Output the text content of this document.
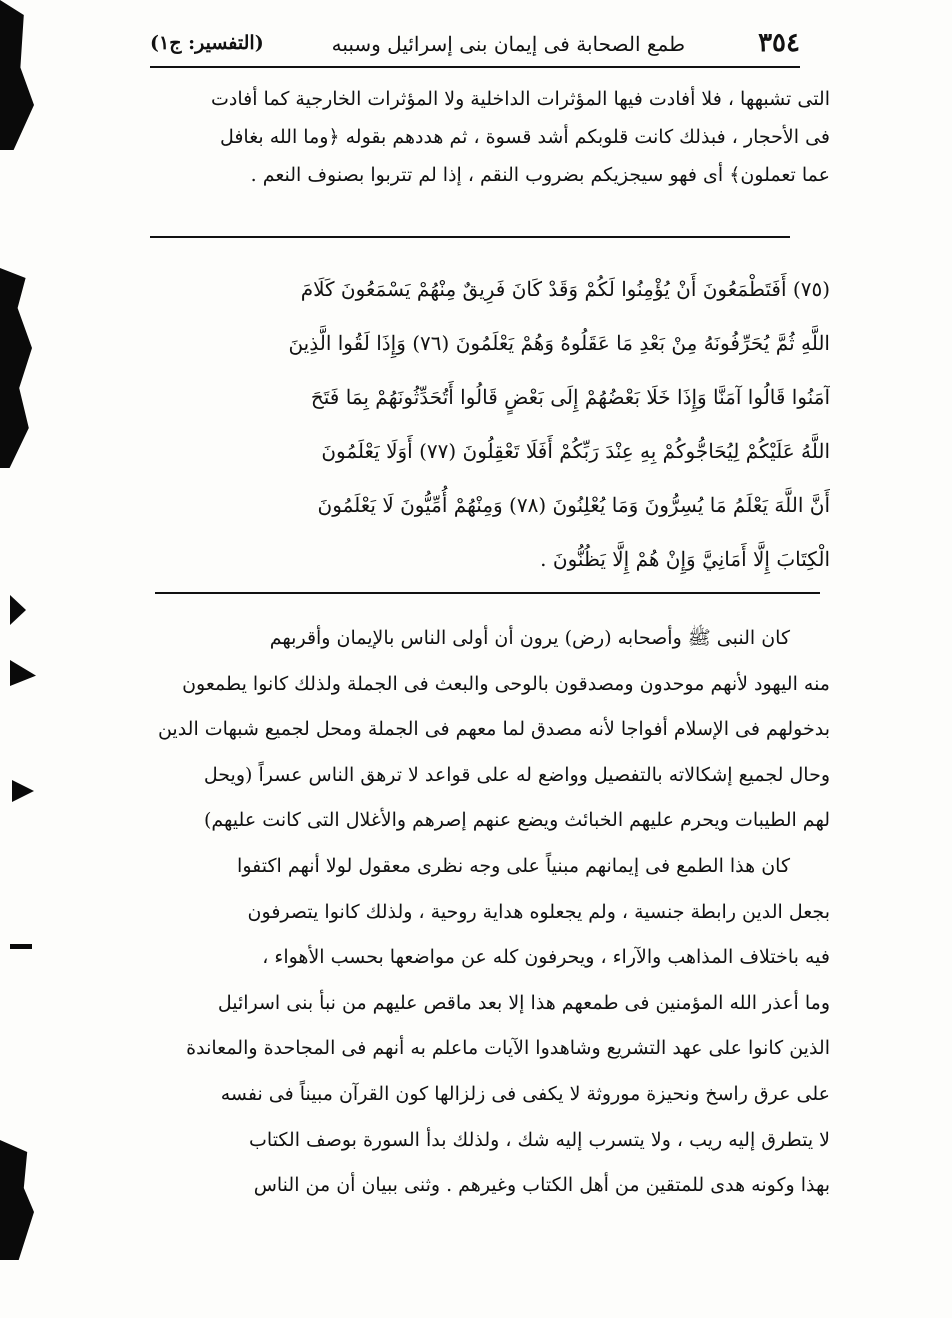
٣٥٤
طمع الصحابة فى إيمان بنى إسرائيل وسببه
(التفسير: ج١)
التى تشبهها ، فلا أفادت فيها المؤثرات الداخلية ولا المؤثرات الخارجية كما أفادت
فى الأحجار ، فبذلك كانت قلوبكم أشد قسوة ، ثم هددهم بقوله ﴿وما الله بغافل
عما تعملون﴾ أى فهو سيجزيكم بضروب النقم ، إذا لم تتربوا بصنوف النعم .
(٧٥) أَفَتَطْمَعُونَ أَنْ يُؤْمِنُوا لَكُمْ وَقَدْ كَانَ فَرِيقٌ مِنْهُمْ يَسْمَعُونَ كَلَامَ
اللَّهِ ثُمَّ يُحَرِّفُونَهُ مِنْ بَعْدِ مَا عَقَلُوهُ وَهُمْ يَعْلَمُونَ (٧٦) وَإِذَا لَقُوا الَّذِينَ
آمَنُوا قَالُوا آمَنَّا وَإِذَا خَلَا بَعْضُهُمْ إِلَى بَعْضٍ قَالُوا أَتُحَدِّثُونَهُمْ بِمَا فَتَحَ
اللَّهُ عَلَيْكُمْ لِيُحَاجُّوكُمْ بِهِ عِنْدَ رَبِّكُمْ أَفَلَا تَعْقِلُونَ (٧٧) أَوَلَا يَعْلَمُونَ
أَنَّ اللَّهَ يَعْلَمُ مَا يُسِرُّونَ وَمَا يُعْلِنُونَ (٧٨) وَمِنْهُمْ أُمِّيُّونَ لَا يَعْلَمُونَ
الْكِتَابَ إِلَّا أَمَانِيَّ وَإِنْ هُمْ إِلَّا يَظُنُّونَ .
كان النبى ﷺ وأصحابه (رض) يرون أن أولى الناس بالإيمان وأقربهم
منه اليهود لأنهم موحدون ومصدقون بالوحى والبعث فى الجملة ولذلك كانوا يطمعون
بدخولهم فى الإسلام أفواجا لأنه مصدق لما معهم فى الجملة ومحل لجميع شبهات الدين
وحال لجميع إشكالاته بالتفصيل وواضع له على قواعد لا ترهق الناس عسراً (ويحل
لهم الطيبات ويحرم عليهم الخبائث ويضع عنهم إصرهم والأغلال التى كانت عليهم)
كان هذا الطمع فى إيمانهم مبنياً على وجه نظرى معقول لولا أنهم اكتفوا
بجعل الدين رابطة جنسية ، ولم يجعلوه هداية روحية ، ولذلك كانوا يتصرفون
فيه باختلاف المذاهب والآراء ، ويحرفون كله عن مواضعها بحسب الأهواء ،
وما أعذر الله المؤمنين فى طمعهم هذا إلا بعد ماقص عليهم من نبأ بنى اسرائيل
الذين كانوا على عهد التشريع وشاهدوا الآيات ماعلم به أنهم فى المجاحدة والمعاندة
على عرق راسخ ونحيزة موروثة لا يكفى فى زلزالها كون القرآن مبيناً فى نفسه
لا يتطرق إليه ريب ، ولا يتسرب إليه شك ، ولذلك بدأ السورة بوصف الكتاب
بهذا وكونه هدى للمتقين من أهل الكتاب وغيرهم . وثنى ببيان أن من الناس
